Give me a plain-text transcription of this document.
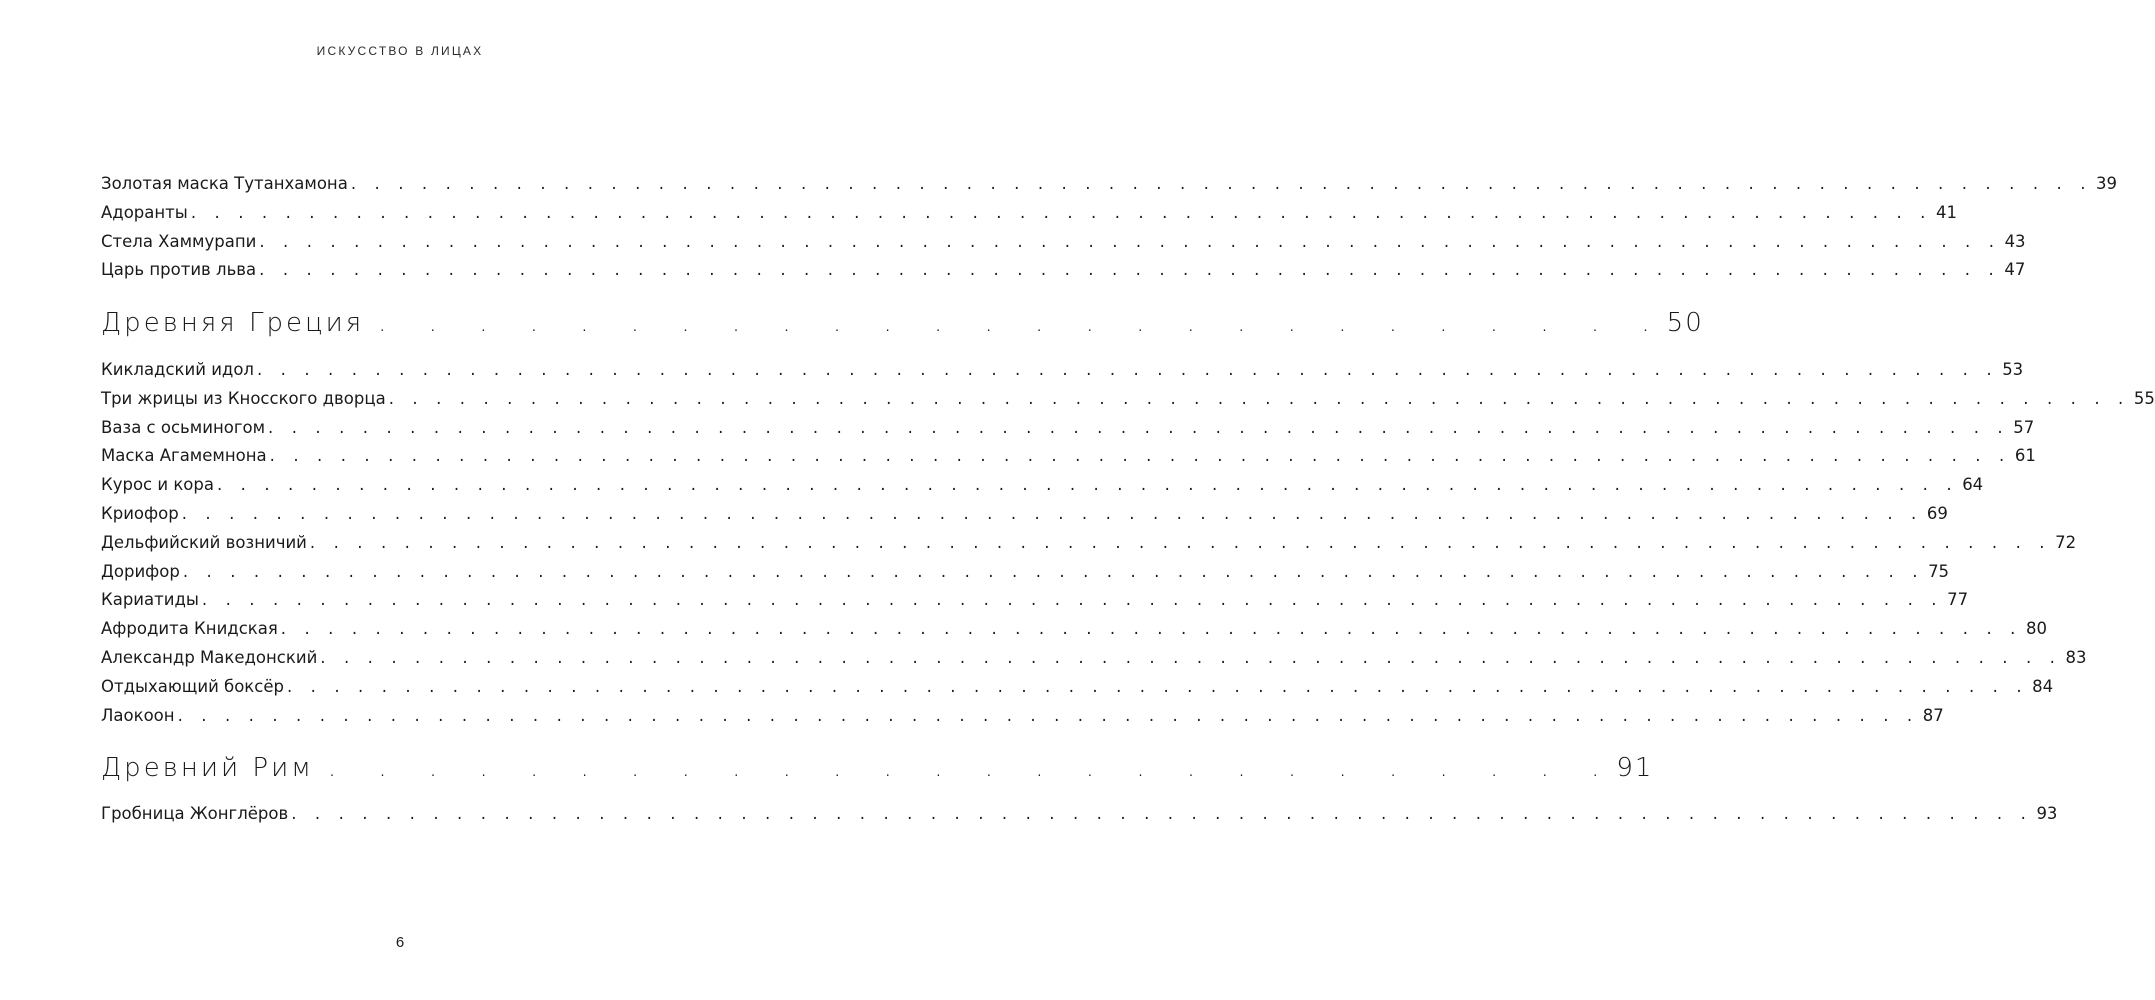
ИСКУССТВО В ЛИЦАХ
Золотая маска Тутанхамона . . . . . . . . . . . . . . . . . . . . . . . . . . . . . . . . . . . . . . . . . . . . . . . . . . . . . . . . . . . . . . . . . . . . . . . . . . 39
Адоранты . . . . . . . . . . . . . . . . . . . . . . . . . . . . . . . . . . . . . . . . . . . . . . . . . . . . . . . . . . . . . . . . . . . . . . . . . . 41
Стела Хаммурапи . . . . . . . . . . . . . . . . . . . . . . . . . . . . . . . . . . . . . . . . . . . . . . . . . . . . . . . . . . . . . . . . . . . . . . . . . . 43
Царь против льва . . . . . . . . . . . . . . . . . . . . . . . . . . . . . . . . . . . . . . . . . . . . . . . . . . . . . . . . . . . . . . . . . . . . . . . . . . 47
Древняя Греция . . . . . . . . . . . . . . . . . . . . . . . . . . 50
Кикладский идол . . . . . . . . . . . . . . . . . . . . . . . . . . . . . . . . . . . . . . . . . . . . . . . . . . . . . . . . . . . . . . . . . . . . . . . . . . 53
Три жрицы из Кносского дворца . . . . . . . . . . . . . . . . . . . . . . . . . . . . . . . . . . . . . . . . . . . . . . . . . . . . . . . . . . . . . . . . . . . . . . . . . . 55
Ваза с осьминогом . . . . . . . . . . . . . . . . . . . . . . . . . . . . . . . . . . . . . . . . . . . . . . . . . . . . . . . . . . . . . . . . . . . . . . . . . . 57
Маска Агамемнона . . . . . . . . . . . . . . . . . . . . . . . . . . . . . . . . . . . . . . . . . . . . . . . . . . . . . . . . . . . . . . . . . . . . . . . . . . 61
Курос и кора . . . . . . . . . . . . . . . . . . . . . . . . . . . . . . . . . . . . . . . . . . . . . . . . . . . . . . . . . . . . . . . . . . . . . . . . . . 64
Криофор . . . . . . . . . . . . . . . . . . . . . . . . . . . . . . . . . . . . . . . . . . . . . . . . . . . . . . . . . . . . . . . . . . . . . . . . . . 69
Дельфийский возничий . . . . . . . . . . . . . . . . . . . . . . . . . . . . . . . . . . . . . . . . . . . . . . . . . . . . . . . . . . . . . . . . . . . . . . . . . . 72
Дорифор . . . . . . . . . . . . . . . . . . . . . . . . . . . . . . . . . . . . . . . . . . . . . . . . . . . . . . . . . . . . . . . . . . . . . . . . . . 75
Кариатиды . . . . . . . . . . . . . . . . . . . . . . . . . . . . . . . . . . . . . . . . . . . . . . . . . . . . . . . . . . . . . . . . . . . . . . . . . . 77
Афродита Книдская . . . . . . . . . . . . . . . . . . . . . . . . . . . . . . . . . . . . . . . . . . . . . . . . . . . . . . . . . . . . . . . . . . . . . . . . . . 80
Александр Македонский . . . . . . . . . . . . . . . . . . . . . . . . . . . . . . . . . . . . . . . . . . . . . . . . . . . . . . . . . . . . . . . . . . . . . . . . . . 83
Отдыхающий боксёр . . . . . . . . . . . . . . . . . . . . . . . . . . . . . . . . . . . . . . . . . . . . . . . . . . . . . . . . . . . . . . . . . . . . . . . . . . 84
Лаокоон . . . . . . . . . . . . . . . . . . . . . . . . . . . . . . . . . . . . . . . . . . . . . . . . . . . . . . . . . . . . . . . . . . . . . . . . . . 87
Древний Рим . . . . . . . . . . . . . . . . . . . . . . . . . . 91
Гробница Жонглёров . . . . . . . . . . . . . . . . . . . . . . . . . . . . . . . . . . . . . . . . . . . . . . . . . . . . . . . . . . . . . . . . . . . . . . . . . . 93
6
